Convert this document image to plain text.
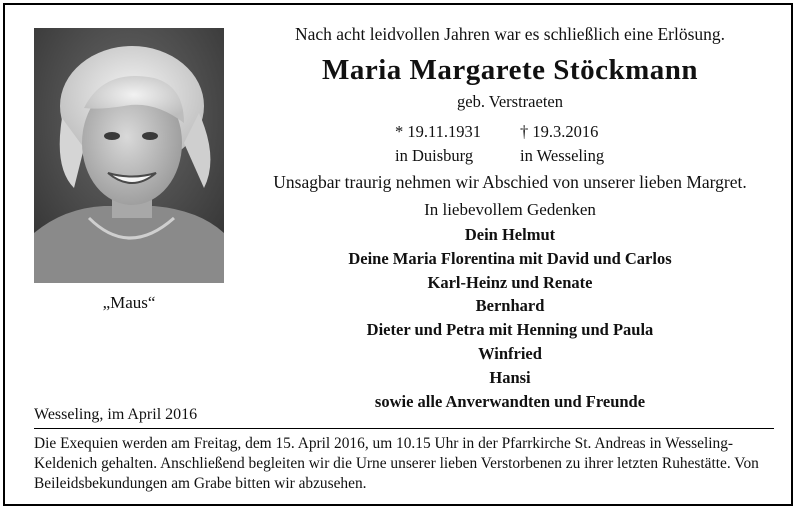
„Maus“
Nach acht leidvollen Jahren war es schließlich eine Erlösung.
Maria Margarete Stöckmann
geb. Verstraeten
* 19.11.1931
in Duisburg
† 19.3.2016
in Wesseling
Unsagbar traurig nehmen wir Abschied von unserer lieben Margret.
In liebevollem Gedenken
Dein Helmut
Deine Maria Florentina mit David und Carlos
Karl-Heinz und Renate
Bernhard
Dieter und Petra mit Henning und Paula
Winfried
Hansi
sowie alle Anverwandten und Freunde
Wesseling, im April 2016
Die Exequien werden am Freitag, dem 15. April 2016, um 10.15 Uhr in der Pfarrkirche St. Andreas in Wesseling-Keldenich gehalten. Anschließend begleiten wir die Urne unserer lieben Verstorbenen zu ihrer letzten Ruhestätte. Von Beileidsbekundungen am Grabe bitten wir abzusehen.
